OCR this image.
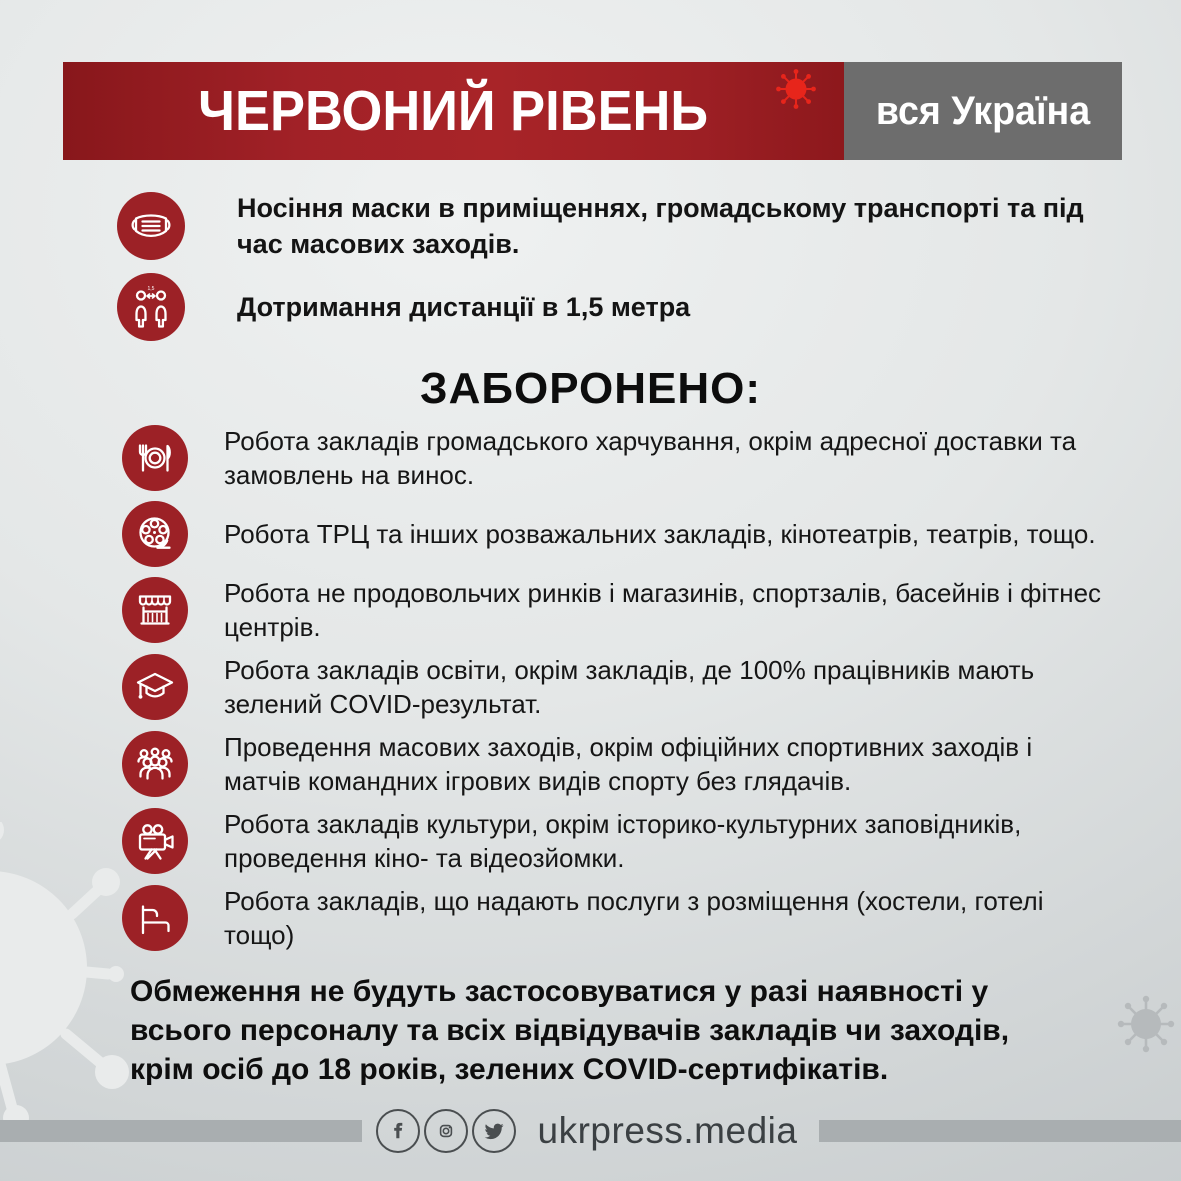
ЧЕРВОНИЙ РІВЕНЬ	вся Україна

Носіння маски в приміщеннях, громадському транспорті та під час масових заходів.

1,5

Дотримання дистанції в 1,5 метра

ЗАБОРОНЕНО:

Робота закладів громадського харчування, окрім адресної доставки та замовлень на винос.

Робота ТРЦ та інших розважальних закладів, кінотеатрів, театрів, тощо.

Робота не продовольчих ринків і магазинів, спортзалів, басейнів і фітнес центрів.

Робота закладів освіти, окрім закладів, де 100% працівників мають зелений COVID-результат.

Проведення масових заходів, окрім офіційних спортивних заходів і матчів командних ігрових видів спорту без глядачів.

Робота закладів культури, окрім історико-культурних заповідників, проведення кіно- та відеозйомки.

Робота закладів, що надають послуги з розміщення (хостели, готелі тощо)

Обмеження не будуть застосовуватися у разі наявності у всього персоналу та всіх відвідувачів закладів чи заходів, крім осіб до 18 років, зелених COVID-сертифікатів.

ukrpress.media
